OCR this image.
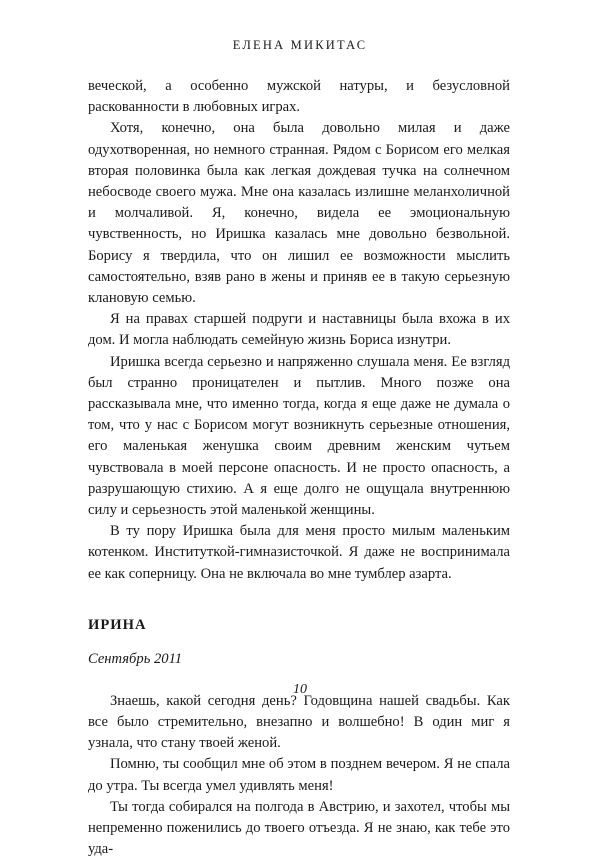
ЕЛЕНА МИКИТАС

веческой, а особенно мужской натуры, и безусловной раскованности в любовных играх.

Хотя, конечно, она была довольно милая и даже одухотворенная, но немного странная. Рядом с Борисом его мелкая вторая половинка была как легкая дождевая тучка на солнечном небосводе своего мужа. Мне она казалась излишне меланхоличной и молчаливой. Я, конечно, видела ее эмоциональную чувственность, но Иришка казалась мне довольно безвольной. Борису я твердила, что он лишил ее возможности мыслить самостоятельно, взяв рано в жены и приняв ее в такую серьезную клановую семью.

Я на правах старшей подруги и наставницы была вхожа в их дом. И могла наблюдать семейную жизнь Бориса изнутри.

Иришка всегда серьезно и напряженно слушала меня. Ее взгляд был странно проницателен и пытлив. Много позже она рассказывала мне, что именно тогда, когда я еще даже не думала о том, что у нас с Борисом могут возникнуть серьезные отношения, его маленькая женушка своим древним женским чутьем чувствовала в моей персоне опасность. И не просто опасность, а разрушающую стихию. А я еще долго не ощущала внутреннюю силу и серьезность этой маленькой женщины.

В ту пору Иришка была для меня просто милым маленьким котенком. Институткой-гимназисточкой. Я даже не воспринимала ее как соперницу. Она не включала во мне тумблер азарта.

ИРИНА
Сентябрь 2011

Знаешь, какой сегодня день? Годовщина нашей свадьбы. Как все было стремительно, внезапно и волшебно! В один миг я узнала, что стану твоей женой.

Помню, ты сообщил мне об этом в позднем вечером. Я не спала до утра. Ты всегда умел удивлять меня!

Ты тогда собирался на полгода в Австрию, и захотел, чтобы мы непременно поженились до твоего отъезда. Я не знаю, как тебе это уда-

10
